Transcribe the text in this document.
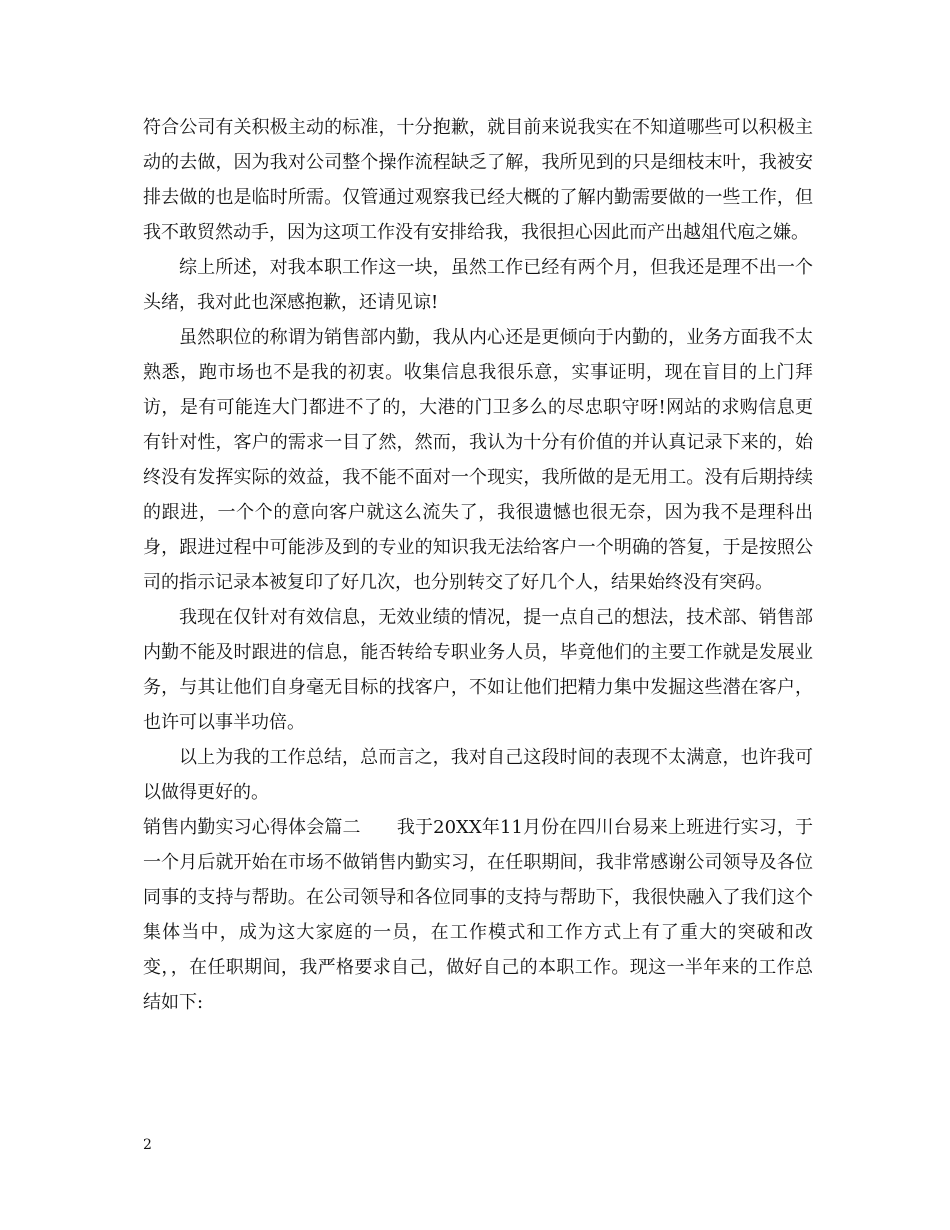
符合公司有关积极主动的标准，十分抱歉，就目前来说我实在不知道哪些可以积极主动的去做，因为我对公司整个操作流程缺乏了解，我所见到的只是细枝末叶，我被安排去做的也是临时所需。仅管通过观察我已经大概的了解内勤需要做的一些工作，但我不敢贸然动手，因为这项工作没有安排给我，我很担心因此而产出越俎代庖之嫌。

综上所述，对我本职工作这一块，虽然工作已经有两个月，但我还是理不出一个头绪，我对此也深感抱歉，还请见谅!

虽然职位的称谓为销售部内勤，我从内心还是更倾向于内勤的，业务方面我不太熟悉，跑市场也不是我的初衷。收集信息我很乐意，实事证明，现在盲目的上门拜访，是有可能连大门都进不了的，大港的门卫多么的尽忠职守呀!网站的求购信息更有针对性，客户的需求一目了然，然而，我认为十分有价值的并认真记录下来的，始终没有发挥实际的效益，我不能不面对一个现实，我所做的是无用工。没有后期持续的跟进，一个个的意向客户就这么流失了，我很遗憾也很无奈，因为我不是理科出身，跟进过程中可能涉及到的专业的知识我无法给客户一个明确的答复，于是按照公司的指示记录本被复印了好几次，也分别转交了好几个人，结果始终没有突码。

我现在仅针对有效信息，无效业绩的情况，提一点自己的想法，技术部、销售部内勤不能及时跟进的信息，能否转给专职业务人员，毕竟他们的主要工作就是发展业务，与其让他们自身毫无目标的找客户，不如让他们把精力集中发掘这些潜在客户，也许可以事半功倍。

以上为我的工作总结，总而言之，我对自己这段时间的表现不太满意，也许我可以做得更好的。

销售内勤实习心得体会篇二　　我于20XX年11月份在四川台易来上班进行实习，于一个月后就开始在市场不做销售内勤实习，在任职期间，我非常感谢公司领导及各位同事的支持与帮助。在公司领导和各位同事的支持与帮助下，我很快融入了我们这个集体当中，成为这大家庭的一员，在工作模式和工作方式上有了重大的突破和改变，，在任职期间，我严格要求自己，做好自己的本职工作。现这一半年来的工作总结如下:

2
